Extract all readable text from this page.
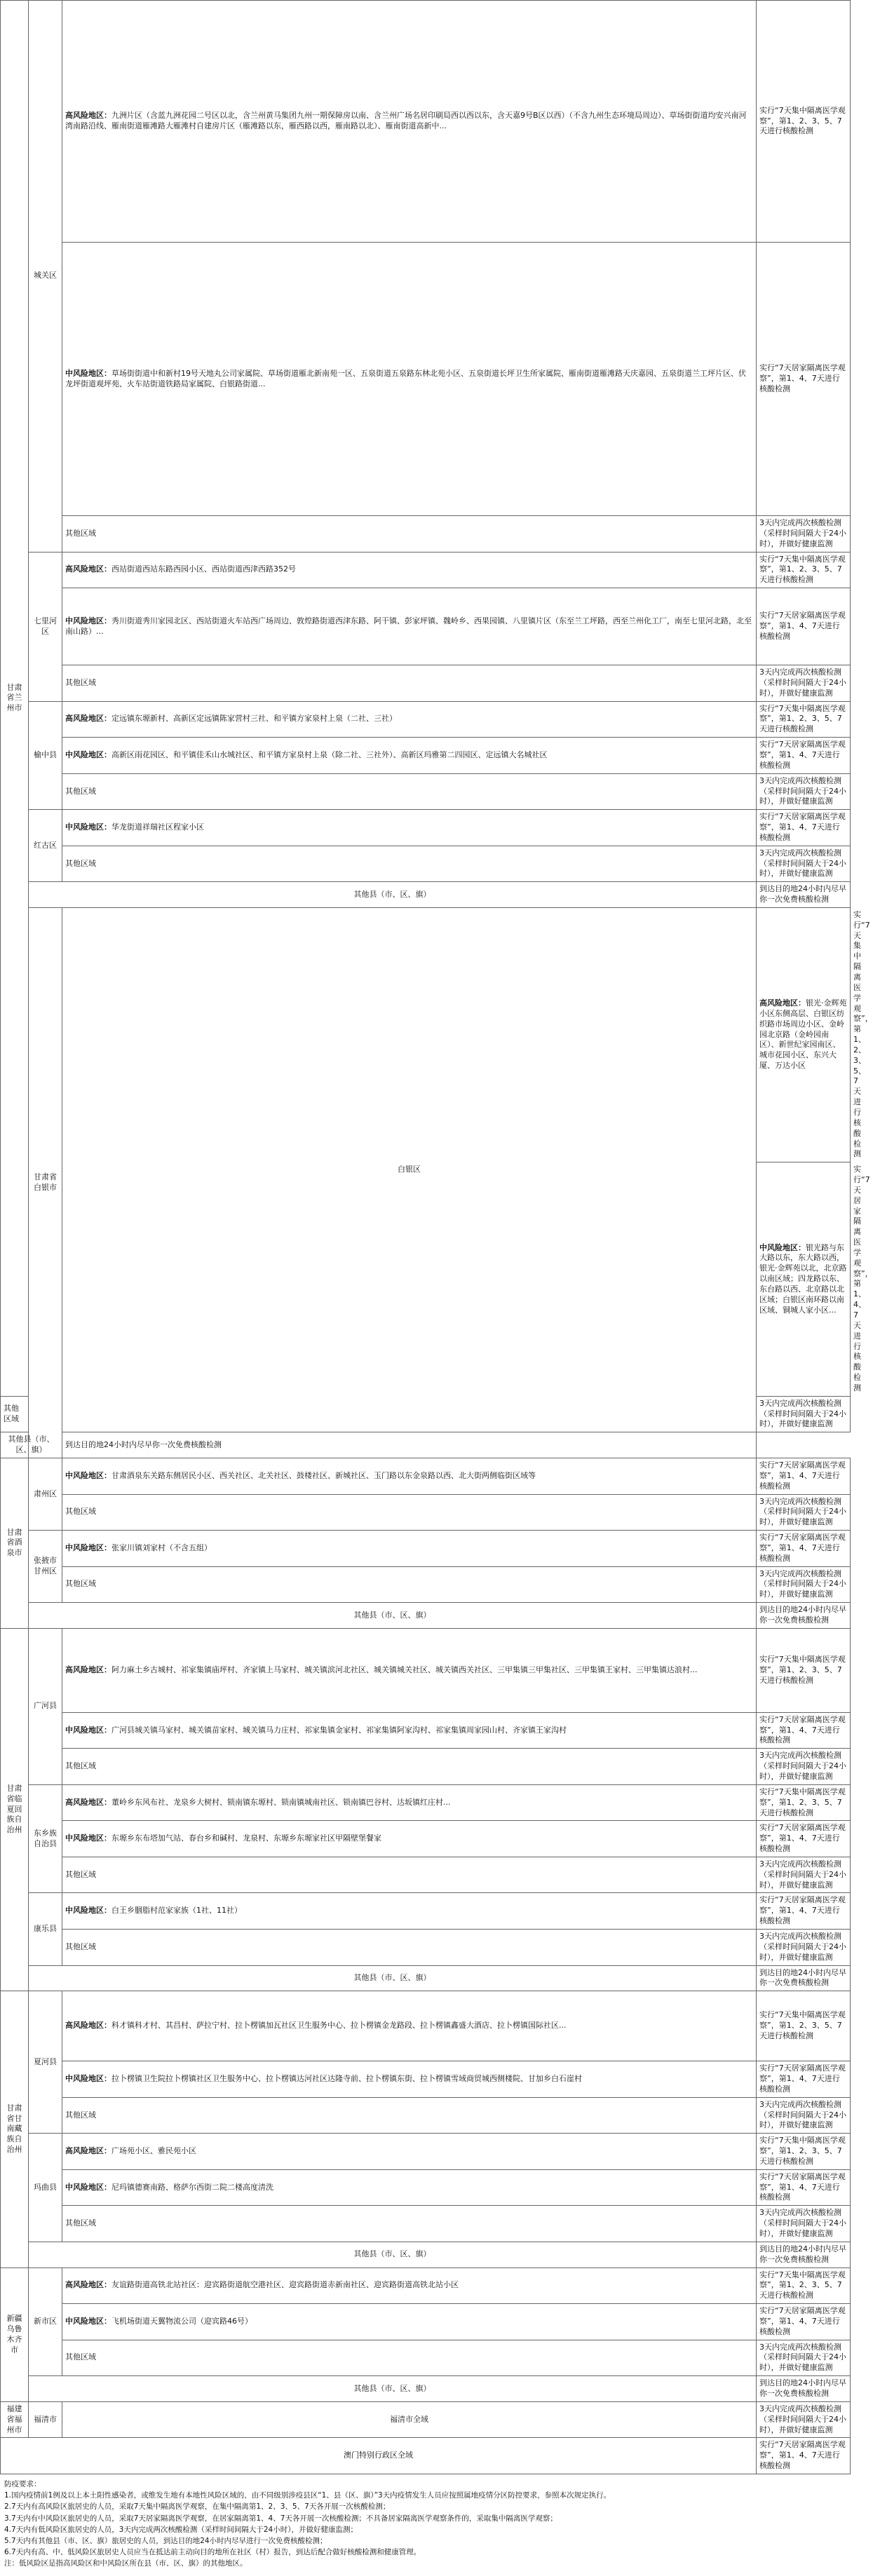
甘肃省兰州市	城关区	高风险地区：九洲片区（含蓝九洲花园二号区以北，含兰州黄马集团九州一期保障房以南、含兰州广场名居印刷局西以西以东，含天嘉9号B区以西）（不含九州生态环境局周边）、草场街街道均安兴南河湾南路沿线、雁南街道雁滩路大雁滩村自建房片区（雁滩路以东，雁西路以西，雁南路以北）、雁南街道高新中...	实行“7天集中隔离医学观察”，第1、2、3、5、7天进行核酸检测	
		中风险地区：草场街街道中和新村19号天地丸公司家属院、草场街道雁北新南苑一区、五泉街道五泉路东林北苑小区、五泉街道长坪卫生所家属院、雁南街道雁滩路天庆嘉园、五泉街道兰工坪片区、伏龙坪街道观坪苑、火车站街道铁路局家属院、白银路街道...	实行“7天居家隔离医学观察”，第1、4、7天进行核酸检测	
		其他区域	3天内完成两次核酸检测（采样时间间隔大于24小时），并做好健康监测	
	七里河区	高风险地区：西站街道西站东路西园小区、西站街道西津西路352号	实行“7天集中隔离医学观察”，第1、2、3、5、7天进行核酸检测	
		中风险地区：秀川街道秀川家园北区、西站街道火车站西广场周边、敦煌路街道西津东路、阿干镇、彭家坪镇、魏岭乡、西果园镇、八里镇片区（东至兰工坪路，西至兰州化工厂，南至七里河北路，北至南山路）...	实行“7天居家隔离医学观察”，第1、4、7天进行核酸检测	
		其他区域	3天内完成两次核酸检测（采样时间间隔大于24小时），并做好健康监测	
	榆中县	高风险地区：定远镇东塬新村、高新区定远镇陈家营村三社、和平镇方家泉村上泉（二社、三社）	实行“7天集中隔离医学观察”，第1、2、3、5、7天进行核酸检测	
		中风险地区：高新区雨花园区、和平镇佳禾山水城社区、和平镇方家泉村上泉（除二社、三社外）、高新区玛雅第二四园区、定远镇大名城社区	实行“7天居家隔离医学观察”，第1、4、7天进行核酸检测	
		其他区域	3天内完成两次核酸检测（采样时间间隔大于24小时），并做好健康监测	
	红古区	中风险地区：华龙街道祥瑞社区程家小区	实行“7天居家隔离医学观察”，第1、4、7天进行核酸检测	
		其他区域	3天内完成两次核酸检测（采样时间间隔大于24小时），并做好健康监测	
	其他县（市、区、旗）		到达目的地24小时内尽早你一次免费核酸检测	
	甘肃省白银市	白银区	高风险地区：银光·金辉苑小区东侧高层、白银区纺织路市场周边小区、金岭园北京路（金岭园南区）、新世纪家园南区、城市花园小区、东兴大厦、万达小区	实行“7天集中隔离医学观察”，第1、2、3、5、7天进行核酸检测
			中风险地区：银光路与东大路以东，东大路以西，银光·金辉苑以北，北京路以南区域；四龙路以东、东台路以西、北京路以北区域；白银区南环路以南区域、铜城人家小区...	实行“7天居家隔离医学观察”，第1、4、7天进行核酸检测
其他区域			3天内完成两次核酸检测（采样时间间隔大于24小时），并做好健康监测	
其他县（市、区、旗）		到达目的地24小时内尽早你一次免费核酸检测		
甘肃省酒泉市	肃州区	中风险地区：甘肃酒泉东关路东侧居民小区、西关社区、北关社区、鼓楼社区、新城社区、玉门路以东金泉路以西、北大街两侧临街区域等	实行“7天居家隔离医学观察”，第1、4、7天进行核酸检测	
		其他区域	3天内完成两次核酸检测（采样时间间隔大于24小时），并做好健康监测	
	张掖市甘州区	中风险地区：张家川镇刘家村（不含五组）	实行“7天居家隔离医学观察”，第1、4、7天进行核酸检测	
		其他区域	3天内完成两次核酸检测（采样时间间隔大于24小时），并做好健康监测	
	其他县（市、区、旗）		到达目的地24小时内尽早你一次免费核酸检测	
甘肃省临夏回族自治州	广河县	高风险地区：阿力麻土乡古城村、祁家集镇庙坪村、齐家镇上马家村、城关镇滨河北社区、城关镇城关社区、城关镇西关社区、三甲集镇三甲集社区、三甲集镇王家村、三甲集镇达浪村...	实行“7天集中隔离医学观察”，第1、2、3、5、7天进行核酸检测	
		中风险地区：广河县城关镇马家村、城关镇苗家村、城关镇马力庄村、祁家集镇金家村、祁家集镇阿家沟村、祁家集镇周家园山村、齐家镇王家沟村	实行“7天居家隔离医学观察”，第1、4、7天进行核酸检测	
		其他区域	3天内完成两次核酸检测（采样时间间隔大于24小时），并做好健康监测	
	东乡族自治县	高风险地区：董岭乡东风布社、龙泉乡大树村、锁南镇东塬村、锁南镇城南社区、锁南镇巴谷村、达坂镇红庄村...	实行“7天集中隔离医学观察”，第1、2、3、5、7天进行核酸检测	
		中风险地区：东塬乡东布塔加气站、春台乡和碱村、龙泉村、东塬乡东塬家社区甲隔壁堡餐家	实行“7天居家隔离医学观察”，第1、4、7天进行核酸检测	
		其他区域	3天内完成两次核酸检测（采样时间间隔大于24小时），并做好健康监测	
	康乐县	中风险地区：白王乡胭脂村范家家族（1社、11社）	实行“7天居家隔离医学观察”，第1、4、7天进行核酸检测	
		其他区域	3天内完成两次核酸检测（采样时间间隔大于24小时），并做好健康监测	
	其他县（市、区、旗）		到达目的地24小时内尽早你一次免费核酸检测	
甘肃省甘南藏族自治州	夏河县	高风险地区：科才镇科才村、其昌村、萨拉宁村、拉卜楞镇加瓦社区卫生服务中心、拉卜楞镇金龙路段、拉卜楞镇鑫盛大酒店、拉卜楞镇国际社区...	实行“7天集中隔离医学观察”，第1、2、3、5、7天进行核酸检测	
		中风险地区：拉卜楞镇卫生院拉卜楞镇社区卫生服务中心、拉卜楞镇达河社区达隆寺前、拉卜楞镇东街、拉卜楞镇雪域商贸城西侧楼院、甘加乡白石崖村	实行“7天居家隔离医学观察”，第1、4、7天进行核酸检测	
		其他区域	3天内完成两次核酸检测（采样时间间隔大于24小时），并做好健康监测	
	玛曲县	高风险地区：广场苑小区、雅民苑小区	实行“7天集中隔离医学观察”，第1、2、3、5、7天进行核酸检测	
		中风险地区：尼玛镇德赛南路、格萨尔西街二院二楼高度清洗	实行“7天居家隔离医学观察”，第1、4、7天进行核酸检测	
		其他区域	3天内完成两次核酸检测（采样时间间隔大于24小时），并做好健康监测	
	其他县（市、区、旗）		到达目的地24小时内尽早你一次免费核酸检测	
新疆乌鲁木齐市	新市区	高风险地区：友谊路街道高铁北站社区：迎宾路街道航空港社区、迎宾路街道赤新南社区、迎宾路街道高铁北站小区	实行“7天集中隔离医学观察”，第1、2、3、5、7天进行核酸检测	
		中风险地区：飞机场街道天翼物流公司（迎宾路46号）	实行“7天居家隔离医学观察”，第1、4、7天进行核酸检测	
		其他区域	3天内完成两次核酸检测（采样时间间隔大于24小时），并做好健康监测	
	其他县（市、区、旗）		到达目的地24小时内尽早你一次免费核酸检测	
福建省福州市	福清市	福清市全域	3天内完成两次核酸检测（采样时间间隔大于24小时），并做好健康监测	
澳门特别行政区全域			实行“7天居家隔离医学观察”，第1、4、7天进行核酸检测	
防疫要求：
1.国内疫情前1例及以上本土阳性感染者，或维发生地有本地性风险区域的，由不同级别涉疫县区“1、县（区、旗）”3天内疫情发生人员应按照属地疫情分区防控要求，参照本次规定执行。
2.7天内有高风险区旅居史的人员，采取7天集中隔离医学观察，在集中隔离第1、2、3、5、7天各开展一次核酸检测；
3.7天内有中风险区旅居史的人员，采取7天居家隔离医学观察，在居家隔离第1、4、7天各开展一次核酸检测；不具备居家隔离医学观察条件的，采取集中隔离医学观察；
4.7天内有低风险区旅居史的人员，3天内完成两次核酸检测（采样时间间隔大于24小时），并做好健康监测；
5.7天内有其他县（市、区、旗）旅居史的人员，到达目的地24小时内尽早进行一次免费核酸检测；
6.7天内有高、中、低风险区旅居史人员应当在抵达前主动向目的地所在社区（村）报告，到达后配合做好核酸检测和健康管理。
注：低风险区是指高风险区和中风险区所在县（市、区、旗）的其他地区。
